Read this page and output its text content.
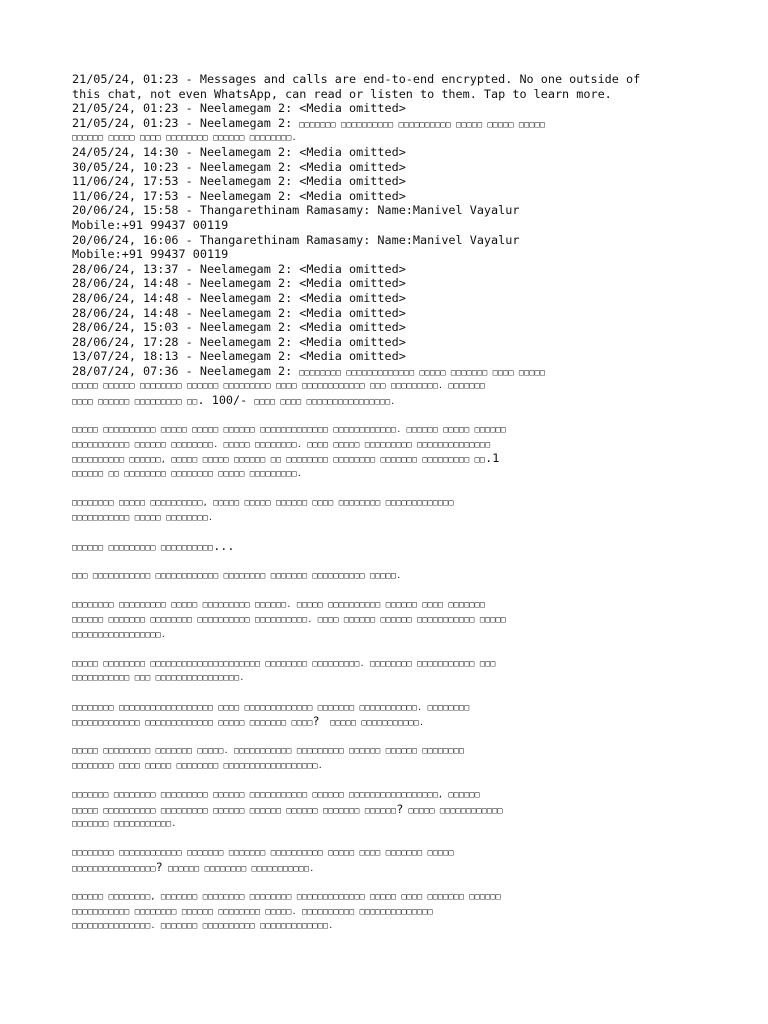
21/05/24, 01:23 - Messages and calls are end-to-end encrypted. No one outside of
this chat, not even WhatsApp, can read or listen to them. Tap to learn more.
21/05/24, 01:23 - Neelamegam 2: <Media omitted>
21/05/24, 01:23 - Neelamegam 2: □□□□□□□ □□□□□□□□□□ □□□□□□□□□□ □□□□□ □□□□□ □□□□□
□□□□□□ □□□□□ □□□□ □□□□□□□□ □□□□□□ □□□□□□□□.
24/05/24, 14:30 - Neelamegam 2: <Media omitted>
30/05/24, 10:23 - Neelamegam 2: <Media omitted>
11/06/24, 17:53 - Neelamegam 2: <Media omitted>
11/06/24, 17:53 - Neelamegam 2: <Media omitted>
20/06/24, 15:58 - Thangarethinam Ramasamy: Name:Manivel Vayalur
Mobile:+91 99437 00119
20/06/24, 16:06 - Thangarethinam Ramasamy: Name:Manivel Vayalur
Mobile:+91 99437 00119
28/06/24, 13:37 - Neelamegam 2: <Media omitted>
28/06/24, 14:48 - Neelamegam 2: <Media omitted>
28/06/24, 14:48 - Neelamegam 2: <Media omitted>
28/06/24, 14:48 - Neelamegam 2: <Media omitted>
28/06/24, 15:03 - Neelamegam 2: <Media omitted>
28/06/24, 17:28 - Neelamegam 2: <Media omitted>
13/07/24, 18:13 - Neelamegam 2: <Media omitted>
28/07/24, 07:36 - Neelamegam 2: □□□□□□□□ □□□□□□□□□□□□□ □□□□□ □□□□□□□ □□□□ □□□□□
□□□□□ □□□□□□ □□□□□□□□ □□□□□□ □□□□□□□□□ □□□□ □□□□□□□□□□□□ □□□ □□□□□□□□□. □□□□□□□
□□□□ □□□□□□ □□□□□□□□□ □□. 100/- □□□□ □□□□ □□□□□□□□□□□□□□□□.
□□□□□ □□□□□□□□□□ □□□□□ □□□□□ □□□□□□ □□□□□□□□□□□□□ □□□□□□□□□□□□. □□□□□□ □□□□□ □□□□□□
□□□□□□□□□□□ □□□□□□ □□□□□□□□. □□□□□ □□□□□□□□. □□□□ □□□□□ □□□□□□□□□ □□□□□□□□□□□□□□
□□□□□□□□□□ □□□□□□, □□□□□ □□□□□ □□□□□□ □□ □□□□□□□□ □□□□□□□□ □□□□□□□ □□□□□□□□□ □□.1
□□□□□□ □□ □□□□□□□□ □□□□□□□□ □□□□□ □□□□□□□□□.
□□□□□□□□ □□□□□ □□□□□□□□□□, □□□□□ □□□□□ □□□□□□ □□□□ □□□□□□□□ □□□□□□□□□□□□□
□□□□□□□□□□□ □□□□□ □□□□□□□□.
□□□□□□ □□□□□□□□□ □□□□□□□□□□...
□□□ □□□□□□□□□□□ □□□□□□□□□□□□ □□□□□□□□ □□□□□□□ □□□□□□□□□□ □□□□□.
□□□□□□□□ □□□□□□□□□ □□□□□ □□□□□□□□□ □□□□□□. □□□□□ □□□□□□□□□□ □□□□□□ □□□□ □□□□□□□
□□□□□□ □□□□□□□ □□□□□□□□ □□□□□□□□□□ □□□□□□□□□□. □□□□ □□□□□□ □□□□□□ □□□□□□□□□□□ □□□□□
□□□□□□□□□□□□□□□□□.
□□□□□ □□□□□□□□ □□□□□□□□□□□□□□□□□□□□□ □□□□□□□□ □□□□□□□□□. □□□□□□□□ □□□□□□□□□□□ □□□
□□□□□□□□□□□ □□□ □□□□□□□□□□□□□□□□.
□□□□□□□□ □□□□□□□□□□□□□□□□□□ □□□□ □□□□□□□□□□□□□ □□□□□□□ □□□□□□□□□□□. □□□□□□□□
□□□□□□□□□□□□□ □□□□□□□□□□□□□ □□□□□ □□□□□□□ □□□□?  □□□□□ □□□□□□□□□□□.
□□□□□ □□□□□□□□□ □□□□□□□ □□□□□. □□□□□□□□□□□ □□□□□□□□□ □□□□□□ □□□□□□ □□□□□□□□
□□□□□□□□ □□□□ □□□□□ □□□□□□□□ □□□□□□□□□□□□□□□□□□.
□□□□□□□ □□□□□□□□ □□□□□□□□□ □□□□□□ □□□□□□□□□□□ □□□□□□ □□□□□□□□□□□□□□□□□, □□□□□□
□□□□□ □□□□□□□□□□ □□□□□□□□□ □□□□□□ □□□□□□ □□□□□□ □□□□□□□ □□□□□□? □□□□□ □□□□□□□□□□□□
□□□□□□□ □□□□□□□□□□□.
□□□□□□□□ □□□□□□□□□□□□ □□□□□□□ □□□□□□□ □□□□□□□□□□ □□□□□ □□□□ □□□□□□□ □□□□□
□□□□□□□□□□□□□□□□? □□□□□□ □□□□□□□□ □□□□□□□□□□□.
□□□□□□ □□□□□□□□, □□□□□□□ □□□□□□□□ □□□□□□□□ □□□□□□□□□□□□□ □□□□□ □□□□ □□□□□□□ □□□□□□
□□□□□□□□□□□ □□□□□□□□ □□□□□□ □□□□□□□□ □□□□□. □□□□□□□□□□ □□□□□□□□□□□□□□
□□□□□□□□□□□□□□□. □□□□□□□ □□□□□□□□□□ □□□□□□□□□□□□□.
